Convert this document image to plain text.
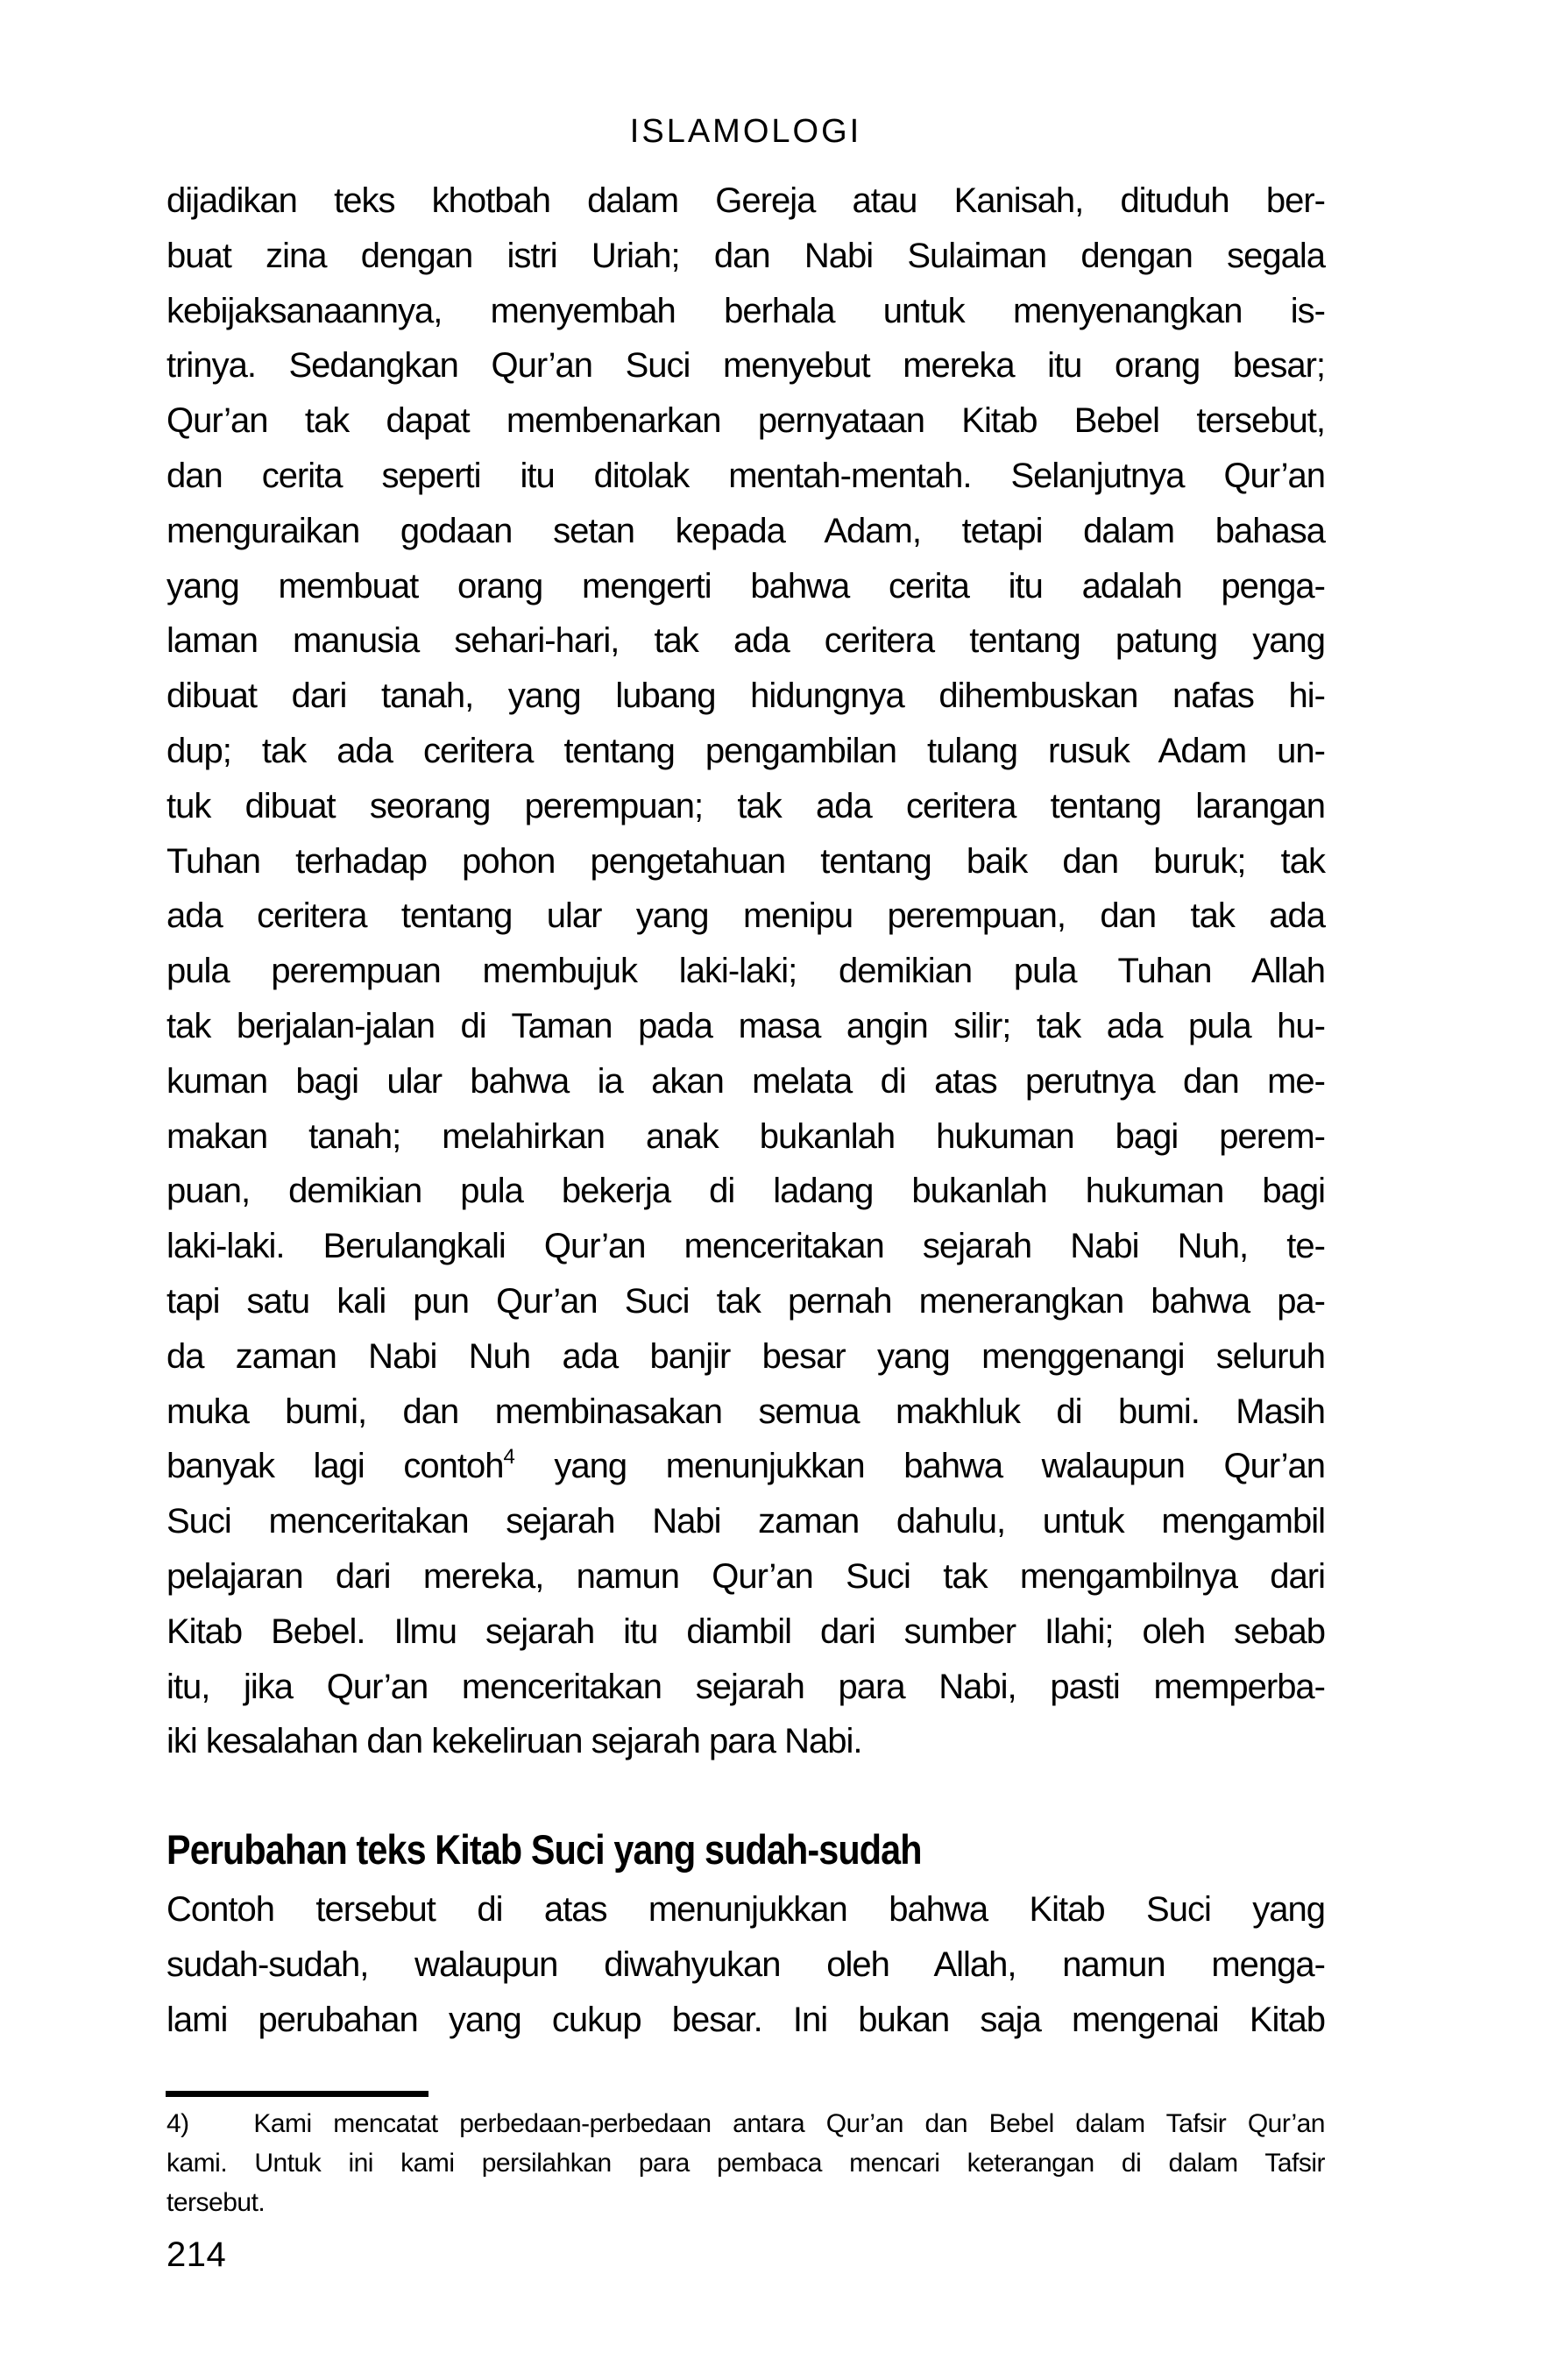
ISLAMOLOGI
dijadikan teks khotbah dalam Gereja atau Kanisah, dituduh ber-
buat zina dengan istri Uriah; dan Nabi Sulaiman dengan segala
kebijaksanaannya, menyembah berhala untuk menyenangkan is-
trinya. Sedangkan Qur’an Suci menyebut mereka itu orang besar;
Qur’an tak dapat membenarkan pernyataan Kitab Bebel tersebut,
dan cerita seperti itu ditolak mentah-mentah. Selanjutnya Qur’an
menguraikan godaan setan kepada Adam, tetapi dalam bahasa
yang membuat orang mengerti bahwa cerita itu adalah penga-
laman manusia sehari-hari, tak ada ceritera tentang patung yang
dibuat dari tanah, yang lubang hidungnya dihembuskan nafas hi-
dup; tak ada ceritera tentang pengambilan tulang rusuk Adam un-
tuk dibuat seorang perempuan; tak ada ceritera tentang larangan
Tuhan terhadap pohon pengetahuan tentang baik dan buruk; tak
ada ceritera tentang ular yang menipu perempuan, dan tak ada
pula perempuan membujuk laki-laki; demikian pula Tuhan Allah
tak berjalan-jalan di Taman pada masa angin silir; tak ada pula hu-
kuman bagi ular bahwa ia akan melata di atas perutnya dan me-
makan tanah; melahirkan anak bukanlah hukuman bagi perem-
puan, demikian pula bekerja di ladang bukanlah hukuman bagi
laki-laki. Berulangkali Qur’an menceritakan sejarah Nabi Nuh, te-
tapi satu kali pun Qur’an Suci tak pernah menerangkan bahwa pa-
da zaman Nabi Nuh ada banjir besar yang menggenangi seluruh
muka bumi, dan membinasakan semua makhluk di bumi. Masih
banyak lagi contoh$^4$ yang menunjukkan bahwa walaupun Qur’an
Suci menceritakan sejarah Nabi zaman dahulu, untuk mengambil
pelajaran dari mereka, namun Qur’an Suci tak mengambilnya dari
Kitab Bebel. Ilmu sejarah itu diambil dari sumber Ilahi; oleh sebab
itu, jika Qur’an menceritakan sejarah para Nabi, pasti memperba-
iki kesalahan dan kekeliruan sejarah para Nabi.
Perubahan teks Kitab Suci yang sudah-sudah
Contoh tersebut di atas menunjukkan bahwa Kitab Suci yang
sudah-sudah, walaupun diwahyukan oleh Allah, namun menga-
lami perubahan yang cukup besar. Ini bukan saja mengenai Kitab
4)   Kami mencatat perbedaan-perbedaan antara Qur’an dan Bebel dalam Tafsir Qur’an
kami. Untuk ini kami persilahkan para pembaca mencari keterangan di dalam Tafsir
tersebut.
214
